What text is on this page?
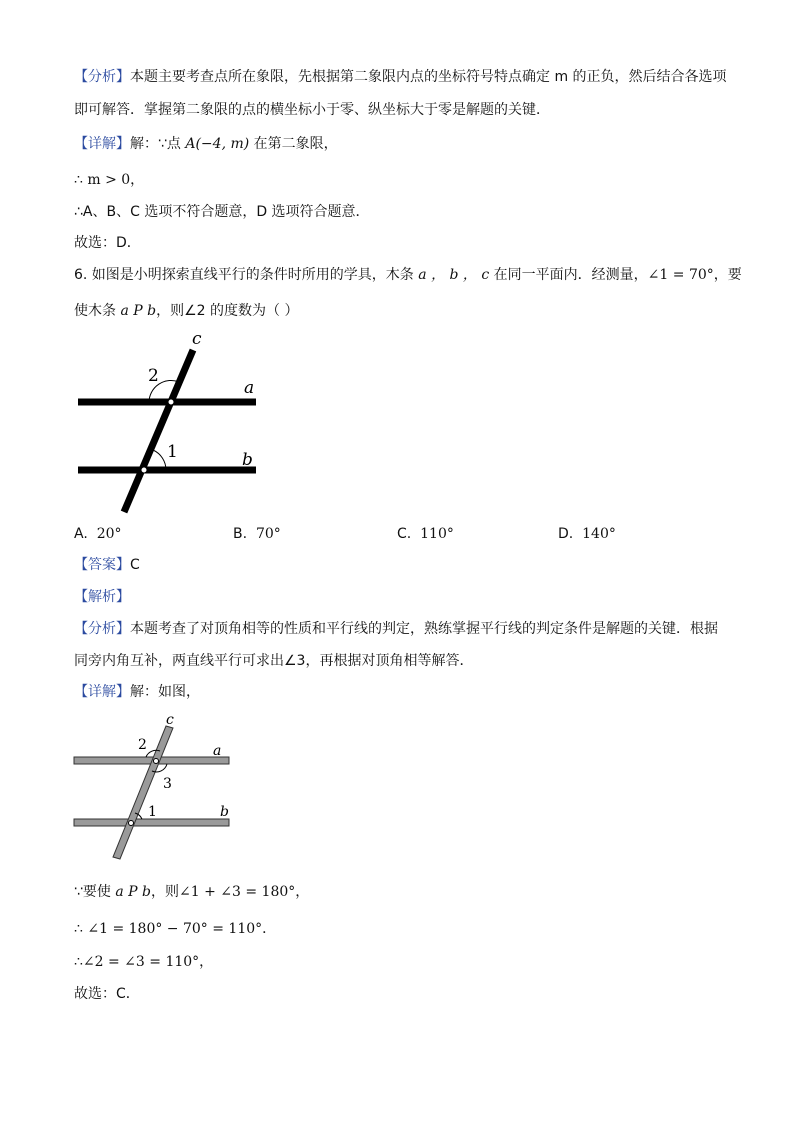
【分析】本题主要考查点所在象限，先根据第二象限内点的坐标符号特点确定 m 的正负，然后结合各选项
即可解答．掌握第二象限的点的横坐标小于零、纵坐标大于零是解题的关键．
【详解】解：∵点 A(−4, m) 在第二象限，
∴ m > 0，
∴A、B、C 选项不符合题意，D 选项符合题意．
故选：D．
6. 如图是小明探索直线平行的条件时所用的学具，木条 a ， b ， c 在同一平面内．经测量，∠1 = 70°，要
使木条 a P b，则∠2 的度数为（ ）
c
a
b
2
1
A. 20°	B. 70°	C. 110°	D. 140°
【答案】C
【解析】
【分析】本题考查了对顶角相等的性质和平行线的判定，熟练掌握平行线的判定条件是解题的关键．根据
同旁内角互补，两直线平行可求出∠3，再根据对顶角相等解答．
【详解】解：如图，
c
a
b
2
3
1
∵要使 a P b，则∠1 + ∠3 = 180°，
∴ ∠1 = 180° − 70° = 110°．
∴∠2 = ∠3 = 110°，
故选：C．
